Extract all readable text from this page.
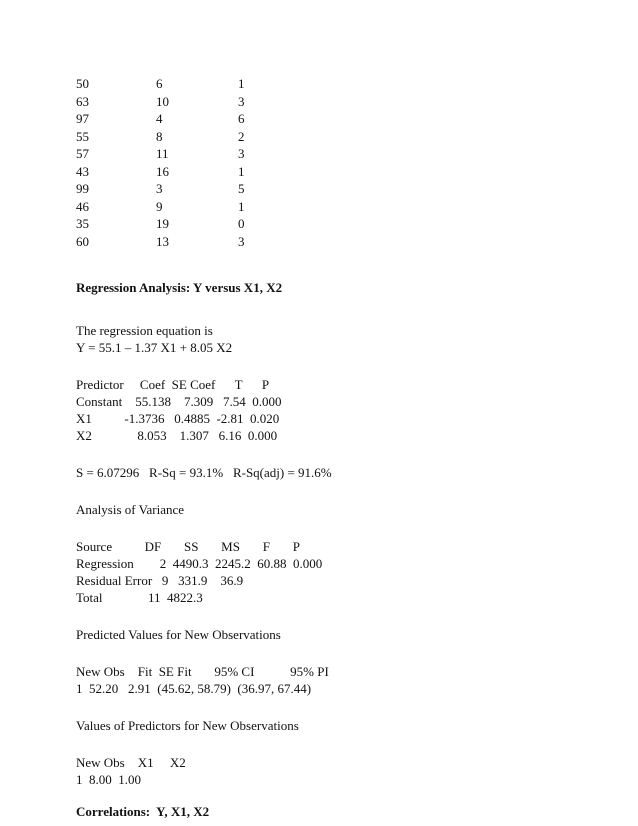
50	6	1
63	10	3
97	4	6
55	8	2
57	11	3
43	16	1
99	3	5
46	9	1
35	19	0
60	13	3
Regression Analysis: Y versus X1, X2
The regression equation is
Y = 55.1 – 1.37 X1 + 8.05 X2
Predictor     Coef  SE Coef      T      P
Constant    55.138    7.309   7.54  0.000
X1          -1.3736   0.4885  -2.81  0.020
X2              8.053    1.307   6.16  0.000
S = 6.07296   R-Sq = 93.1%   R-Sq(adj) = 91.6%
Analysis of Variance
Source          DF       SS       MS       F       P
Regression        2  4490.3  2245.2  60.88  0.000
Residual Error   9   331.9    36.9
Total              11  4822.3
Predicted Values for New Observations
New Obs    Fit  SE Fit       95% CI           95% PI
1  52.20   2.91  (45.62, 58.79)  (36.97, 67.44)
Values of Predictors for New Observations
New Obs    X1     X2
1  8.00  1.00
Correlations:  Y, X1, X2
